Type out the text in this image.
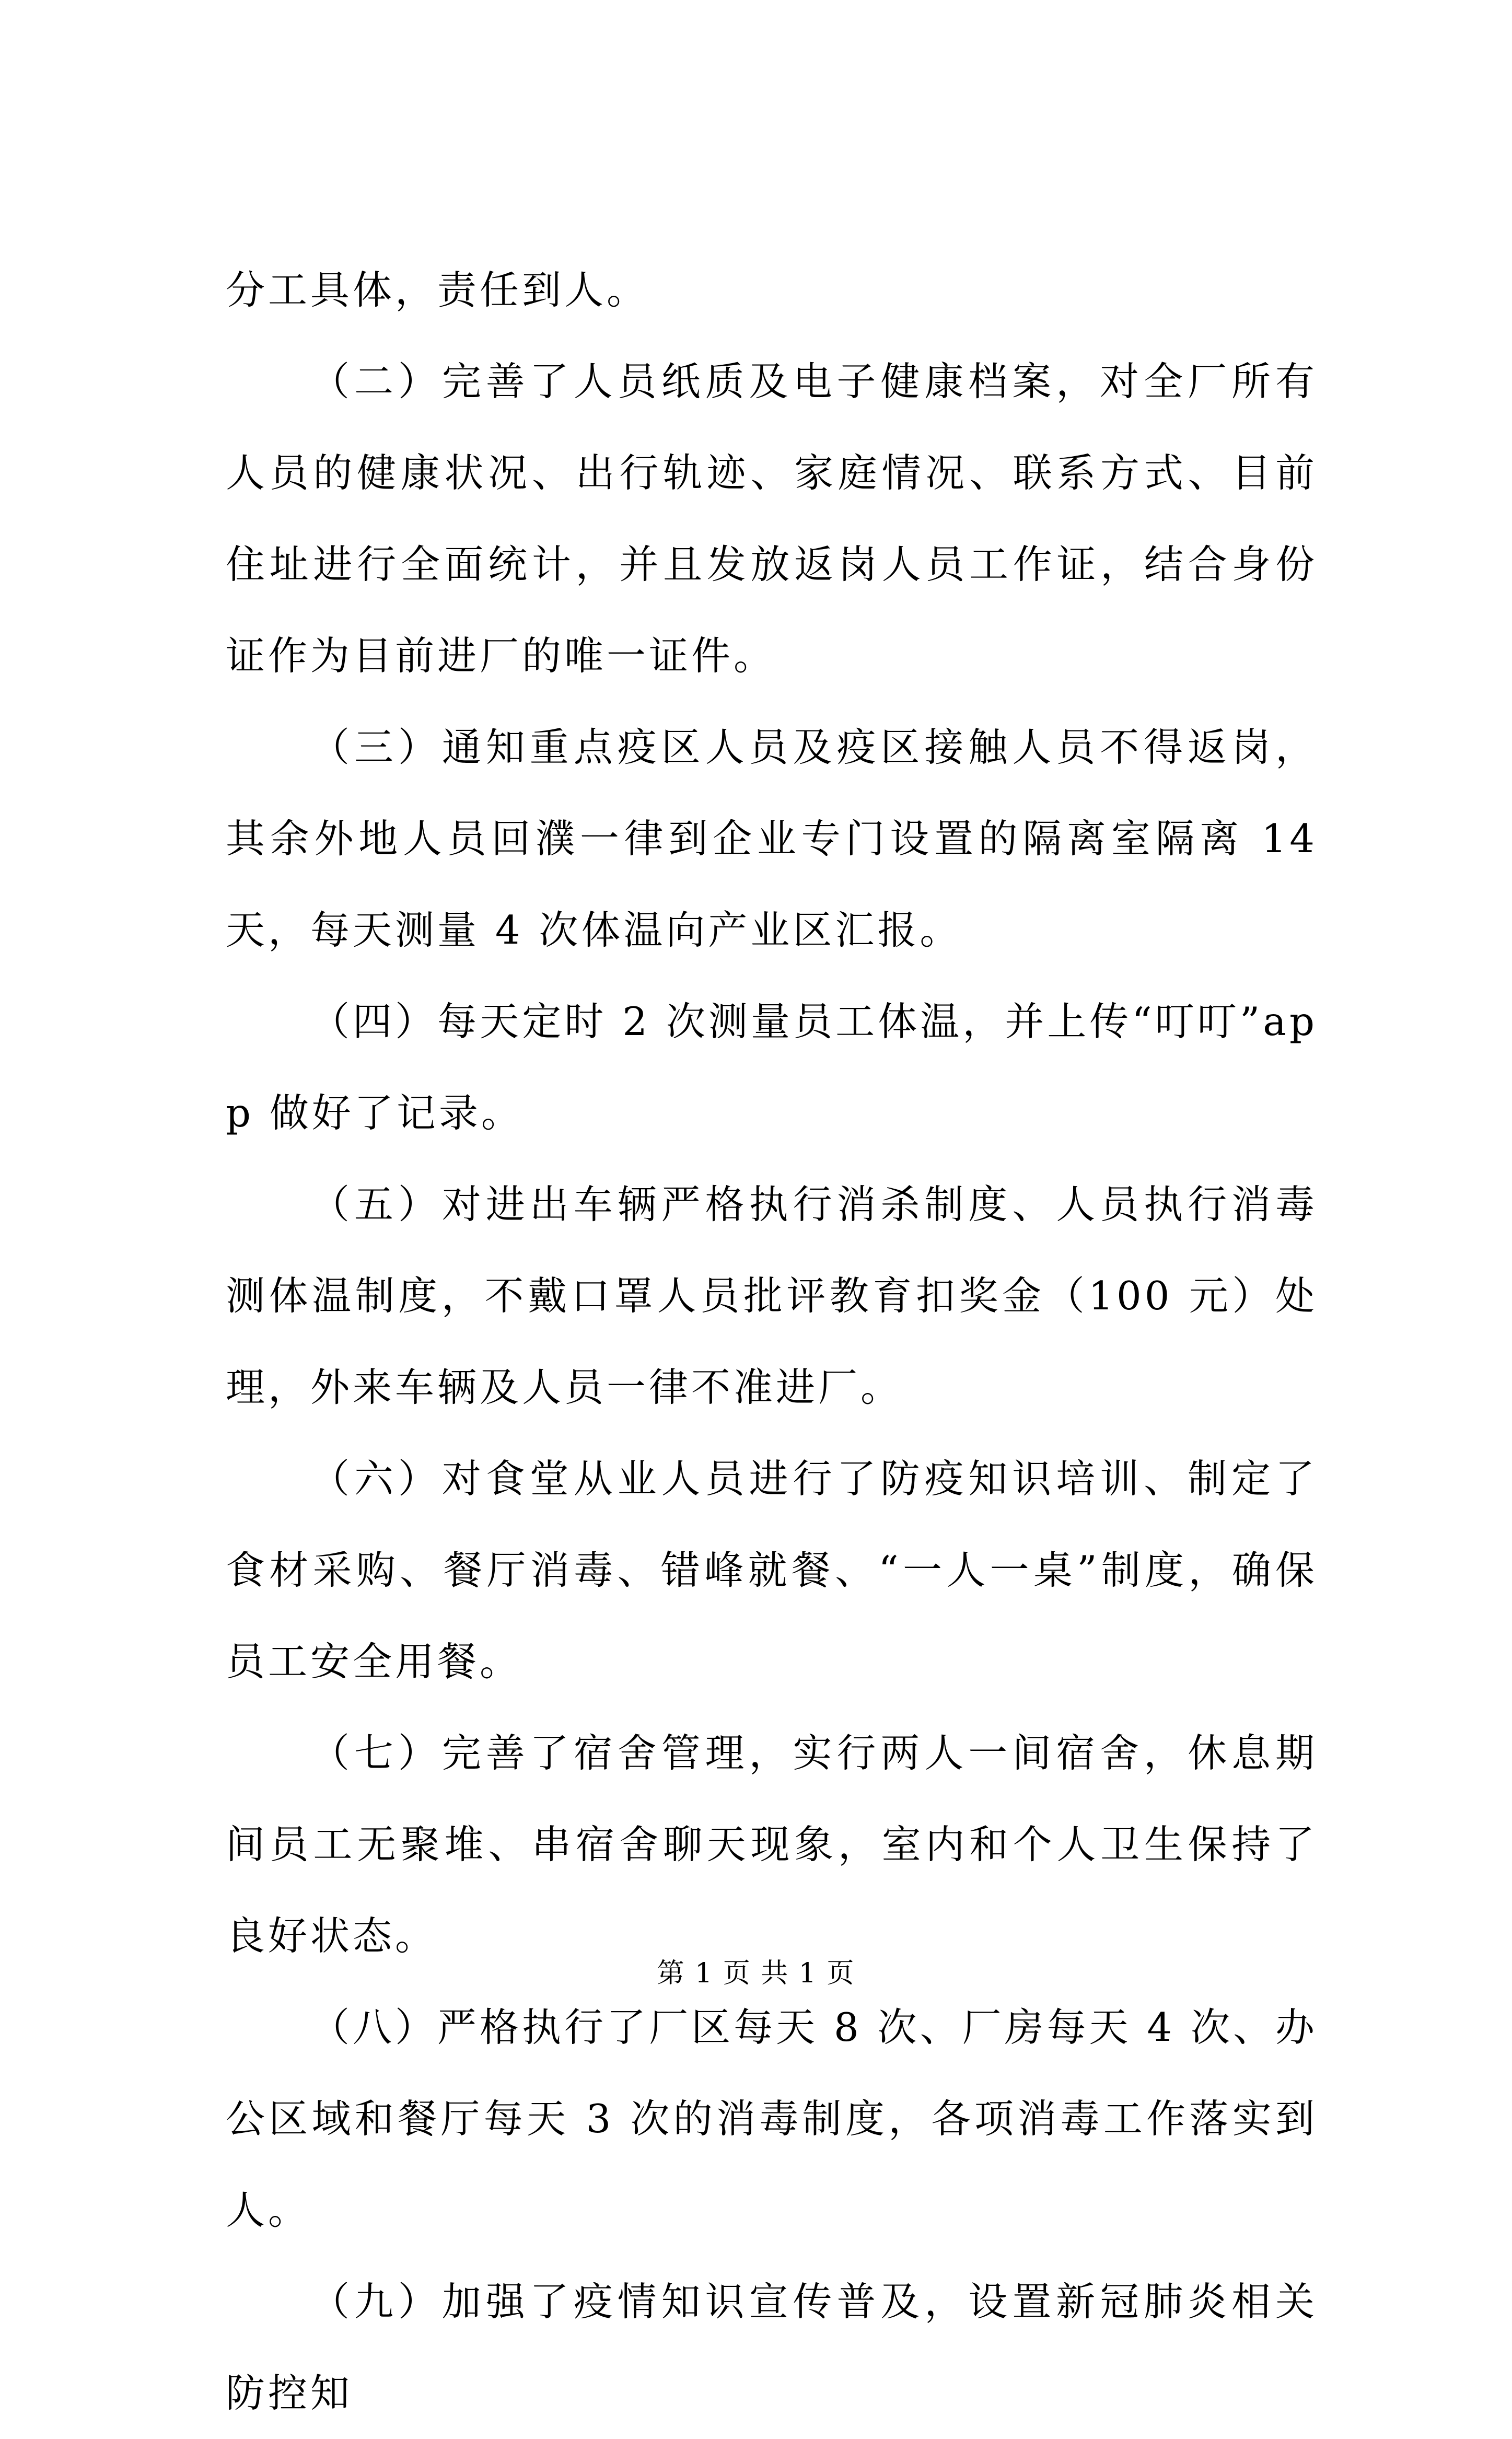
分工具体，责任到人。

（二）完善了人员纸质及电子健康档案，对全厂所有人员的健康状况、出行轨迹、家庭情况、联系方式、目前住址进行全面统计，并且发放返岗人员工作证，结合身份证作为目前进厂的唯一证件。

（三）通知重点疫区人员及疫区接触人员不得返岗，其余外地人员回濮一律到企业专门设置的隔离室隔离 14 天，每天测量 4 次体温向产业区汇报。

（四）每天定时 2 次测量员工体温，并上传“叮叮”app 做好了记录。

（五）对进出车辆严格执行消杀制度、人员执行消毒测体温制度，不戴口罩人员批评教育扣奖金（100 元）处理，外来车辆及人员一律不准进厂。

（六）对食堂从业人员进行了防疫知识培训、制定了食材采购、餐厅消毒、错峰就餐、“一人一桌”制度，确保员工安全用餐。

（七）完善了宿舍管理，实行两人一间宿舍，休息期间员工无聚堆、串宿舍聊天现象，室内和个人卫生保持了良好状态。

（八）严格执行了厂区每天 8 次、厂房每天 4 次、办公区域和餐厅每天 3 次的消毒制度，各项消毒工作落实到人。

（九）加强了疫情知识宣传普及，设置新冠肺炎相关防控知

第 1 页 共 1 页
